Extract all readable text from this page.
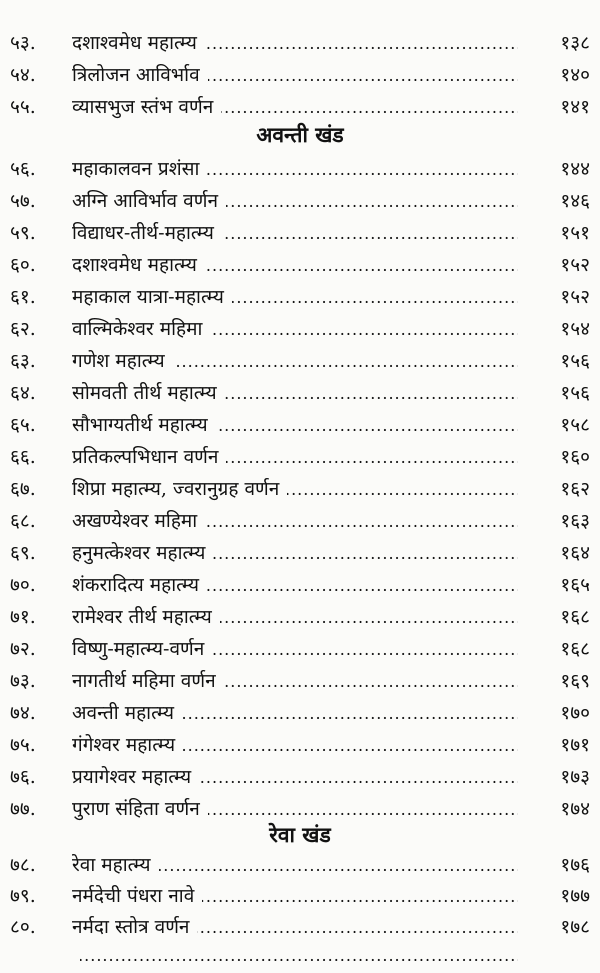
५३.	दशाश्वमेध महात्म्य .....	१३८
५४.	त्रिलोजन आविर्भाव .....	१४०
५५.	व्यासभुज स्तंभ वर्णन .....	१४१
अवन्ती खंड
५६.	महाकालवन प्रशंसा .....	१४४
५७.	अग्नि आविर्भाव वर्णन .....	१४६
५९.	विद्याधर-तीर्थ-महात्म्य .....	१५१
६०.	दशाश्वमेध महात्म्य .....	१५२
६१.	महाकाल यात्रा-महात्म्य .....	१५२
६२.	वाल्मिकेश्वर महिमा .....	१५४
६३.	गणेश महात्म्य .....	१५६
६४.	सोमवती तीर्थ महात्म्य .....	१५६
६५.	सौभाग्यतीर्थ महात्म्य .....	१५८
६६.	प्रतिकल्पभिधान वर्णन .....	१६०
६७.	शिप्रा महात्म्य, ज्वरानुग्रह वर्णन .....	१६२
६८.	अखण्येश्वर महिमा .....	१६३
६९.	हनुमत्केश्वर महात्म्य .....	१६४
७०.	शंकरादित्य महात्म्य .....	१६५
७१.	रामेश्वर तीर्थ महात्म्य .....	१६८
७२.	विष्णु-महात्म्य-वर्णन .....	१६८
७३.	नागतीर्थ महिमा वर्णन .....	१६९
७४.	अवन्ती महात्म्य .....	१७०
७५.	गंगेश्वर महात्म्य .....	१७१
७६.	प्रयागेश्वर महात्म्य .....	१७३
७७.	पुराण संहिता वर्णन .....	१७४
रेवा खंड
७८.	रेवा महात्म्य .....	१७६
७९.	नर्मदेची पंधरा नावे .....	१७७
८०.	नर्मदा स्तोत्र वर्णन .....	१७८
.....
